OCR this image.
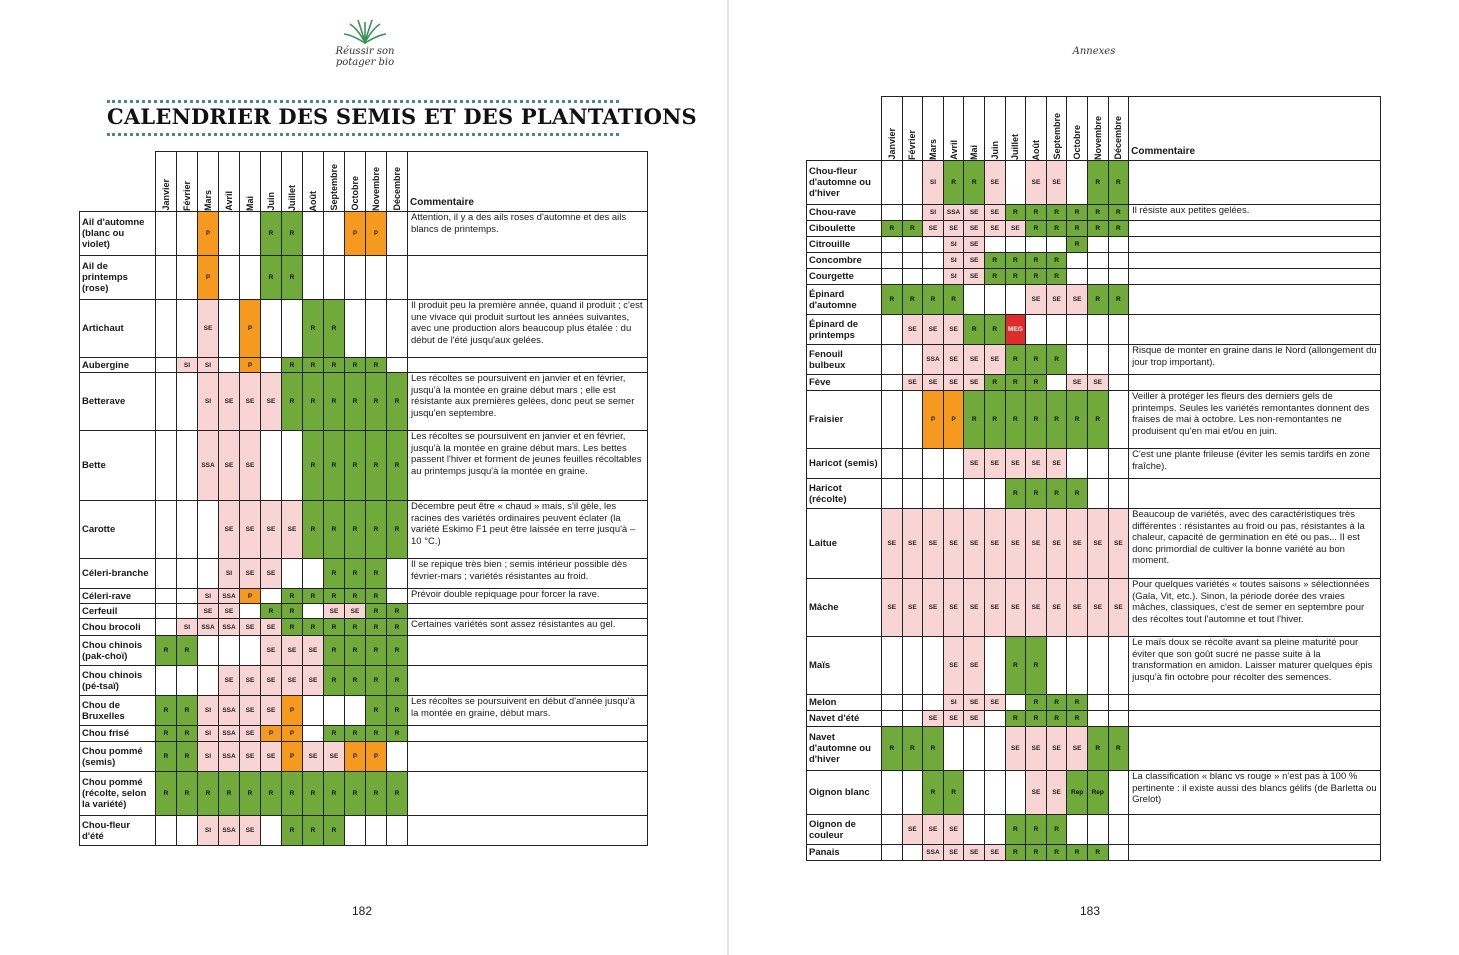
Réussir son
potager bio
CALENDRIER DES SEMIS ET DES PLANTATIONS

	Janvier	Février	Mars	Avril	Mai	Juin	Juillet	Août	Septembre	Octobre	Novembre	Décembre	Commentaire
Ail d'automne (blanc ou violet)			P			R	R			P	P		Attention, il y a des ails roses d'automne et des ails blancs de printemps.
Ail de printemps (rose)			P			R	R						
Artichaut			SE		P			R	R				Il produit peu la première année, quand il produit ; c'est une vivace qui produit surtout les années suivantes, avec une production alors beaucoup plus étalée : du début de l'été jusqu'aux gelées.
Aubergine		SI	SI		P		R	R	R	R	R		
Betterave			SI	SE	SE	SE	R	R	R	R	R	R	Les récoltes se poursuivent en janvier et en février, jusqu'à la montée en graine début mars ; elle est résistante aux premières gelées, donc peut se semer jusqu'en septembre.
Bette			SSA	SE	SE			R	R	R	R	R	Les récoltes se poursuivent en janvier et en février, jusqu'à la montée en graine début mars. Les bettes passent l'hiver et forment de jeunes feuilles récoltables au printemps jusqu'à la montée en graine.
Carotte				SE	SE	SE	SE	R	R	R	R	R	Décembre peut être « chaud » mais, s'il gèle, les racines des variétés ordinaires peuvent éclater (la variété Eskimo F1 peut être laissée en terre jusqu'à – 10 °C.)
Céleri-branche				SI	SE	SE			R	R	R		Il se repique très bien ; semis intérieur possible dès février-mars ; variétés résistantes au froid.
Céleri-rave			SI	SSA	P		R	R	R	R	R		Prévoir double repiquage pour forcer la rave.
Cerfeuil			SE	SE		R	R		SE	SE	R	R	
Chou brocoli		SI	SSA	SSA	SE	SE	R	R	R	R	R	R	Certaines variétés sont assez résistantes au gel.
Chou chinois (pak-choï)	R	R				SE	SE	SE	R	R	R	R	
Chou chinois (pé-tsaï)				SE	SE	SE	SE	SE	R	R	R	R	
Chou de Bruxelles	R	R	SI	SSA	SE	SE	P				R	R	Les récoltes se poursuivent en début d'année jusqu'à la montée en graine, début mars.
Chou frisé	R	R	SI	SSA	SE	P	P		R	R	R	R	
Chou pommé (semis)	R	R	SI	SSA	SE	SE	P	SE	SE	P	P		
Chou pommé (récolte, selon la variété)	R	R	R	R	R	R	R	R	R	R	R	R	
Chou-fleur d'été			SI	SSA	SE		R	R	R				
182
Annexes

	Janvier	Février	Mars	Avril	Mai	Juin	Juillet	Août	Septembre	Octobre	Novembre	Décembre	Commentaire
Chou-fleur d'automne ou d'hiver			SI	R	R	SE		SE	SE		R	R	
Chou-rave			SI	SSA	SE	SE	R	R	R	R	R	R	Il résiste aux petites gelées.
Ciboulette	R	R	SE	SE	SE	SE	SE	R	R	R	R	R	
Citrouille				SI	SE					R			
Concombre				SI	SE	R	R	R	R				
Courgette				SI	SE	R	R	R	R				
Épinard d'automne	R	R	R	R				SE	SE	SE	R	R	
Épinard de printemps		SE	SE	SE	R	R	MEG						
Fenouil bulbeux			SSA	SE	SE	SE	R	R	R				Risque de monter en graine dans le Nord (allongement du jour trop important).
Fève		SE	SE	SE	SE	R	R	R		SE	SE		
Fraisier			P	P	R	R	R	R	R	R	R		Veiller à protéger les fleurs des derniers gels de printemps. Seules les variétés remontantes donnent des fraises de mai à octobre. Les non-remontantes ne produisent qu'en mai et/ou en juin.
Haricot (semis)					SE	SE	SE	SE	SE				C'est une plante frileuse (éviter les semis tardifs en zone fraîche).
Haricot (récolte)							R	R	R	R			
Laitue	SE	SE	SE	SE	SE	SE	SE	SE	SE	SE	SE	SE	Beaucoup de variétés, avec des caractéristiques très différentes : résistantes au froid ou pas, résistantes à la chaleur, capacité de germination en été ou pas... Il est donc primordial de cultiver la bonne variété au bon moment.
Mâche	SE	SE	SE	SE	SE	SE	SE	SE	SE	SE	SE	SE	Pour quelques variétés « toutes saisons » sélectionnées (Gala, Vit, etc.). Sinon, la période dorée des vraies mâches, classiques, c'est de semer en septembre pour des récoltes tout l'automne et tout l'hiver.
Maïs				SE	SE		R	R					Le maïs doux se récolte avant sa pleine maturité pour éviter que son goût sucré ne passe suite à la transformation en amidon. Laisser maturer quelques épis jusqu'à fin octobre pour récolter des semences.
Melon				SI	SE	SE		R	R	R			
Navet d'été			SE	SE	SE		R	R	R	R			
Navet d'automne ou d'hiver	R	R	R				SE	SE	SE	SE	R	R	
Oignon blanc			R	R				SE	SE	Rep	Rep		La classification « blanc vs rouge » n'est pas à 100 % pertinente : il existe aussi des blancs gélifs (de Barletta ou Grelot)
Oignon de couleur		SE	SE	SE			R	R	R				
Panais			SSA	SE	SE	SE	R	R	R	R	R		
183
